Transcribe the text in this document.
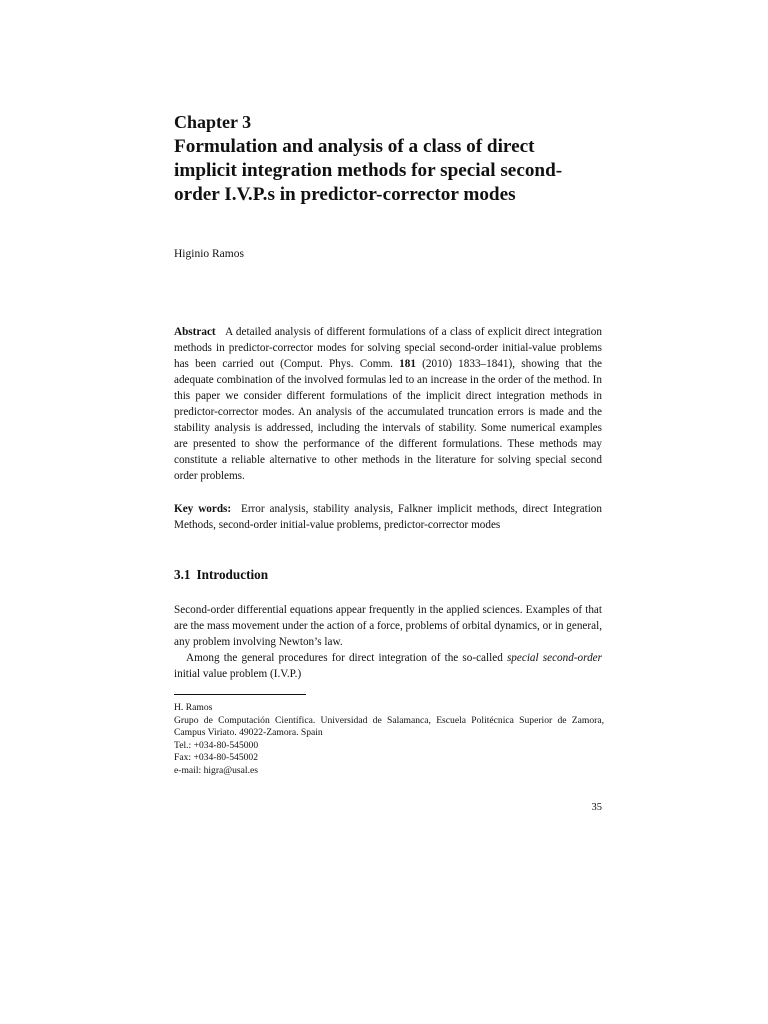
Chapter 3

Formulation and analysis of a class of direct implicit integration methods for special second-order I.V.P.s in predictor-corrector modes

Higinio Ramos

Abstract A detailed analysis of different formulations of a class of explicit direct integration methods in predictor-corrector modes for solving special second-order initial-value problems has been carried out (Comput. Phys. Comm. 181 (2010) 1833–1841), showing that the adequate combination of the involved formulas led to an increase in the order of the method. In this paper we consider different formulations of the implicit direct integration methods in predictor-corrector modes. An analysis of the accumulated truncation errors is made and the stability analysis is addressed, including the intervals of stability. Some numerical examples are presented to show the performance of the different formulations. These methods may constitute a reliable alternative to other methods in the literature for solving special second order problems.

Key words: Error analysis, stability analysis, Falkner implicit methods, direct Integration Methods, second-order initial-value problems, predictor-corrector modes

3.1 Introduction

Second-order differential equations appear frequently in the applied sciences. Examples of that are the mass movement under the action of a force, problems of orbital dynamics, or in general, any problem involving Newton’s law.

Among the general procedures for direct integration of the so-called special second-order initial value problem (I.V.P.)

H. Ramos
Grupo de Computación Científica. Universidad de Salamanca, Escuela Politécnica Superior de Zamora, Campus Viriato. 49022-Zamora. Spain
Tel.: +034-80-545000
Fax: +034-80-545002
e-mail: higra@usal.es

35
